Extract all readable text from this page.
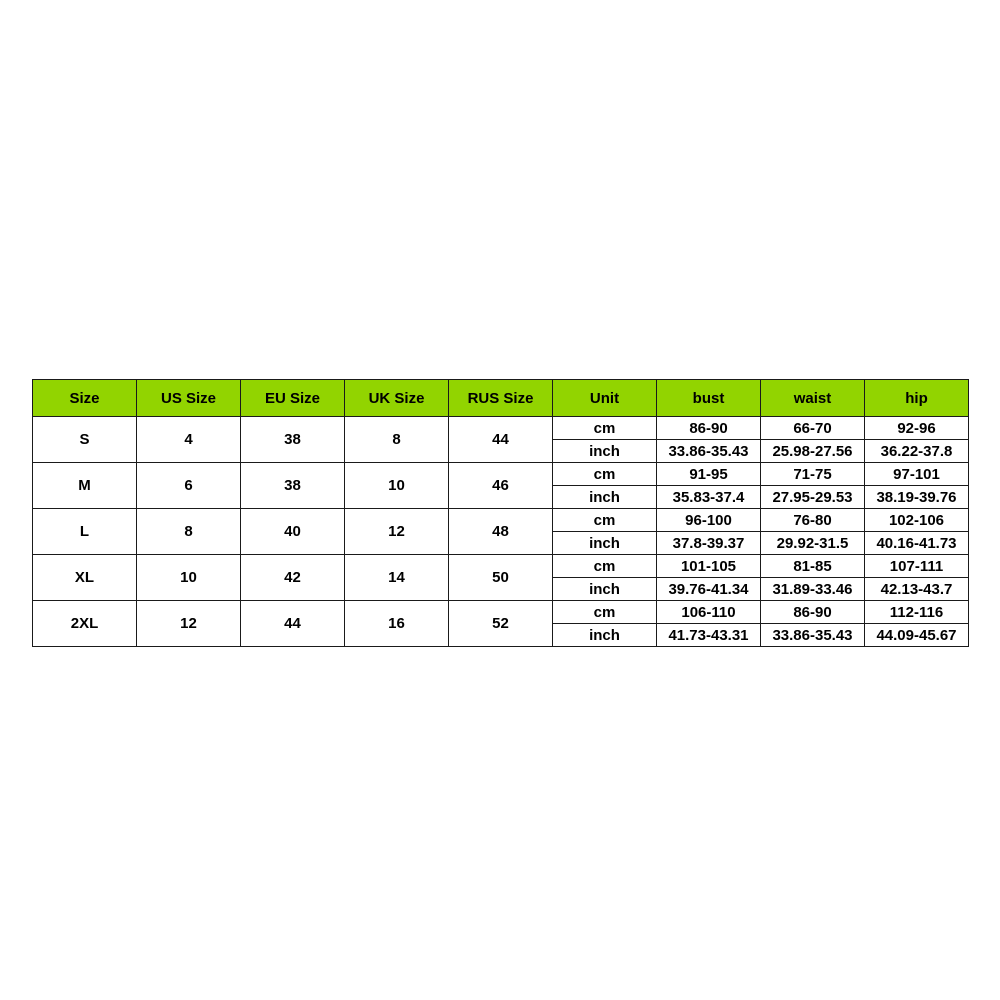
Size	US Size	EU Size	UK Size	RUS Size	Unit	bust	waist	hip
S	4	38	8	44	cm	86-90	66-70	92-96
					inch	33.86-35.43	25.98-27.56	36.22-37.8
M	6	38	10	46	cm	91-95	71-75	97-101
					inch	35.83-37.4	27.95-29.53	38.19-39.76
L	8	40	12	48	cm	96-100	76-80	102-106
					inch	37.8-39.37	29.92-31.5	40.16-41.73
XL	10	42	14	50	cm	101-105	81-85	107-111
					inch	39.76-41.34	31.89-33.46	42.13-43.7
2XL	12	44	16	52	cm	106-110	86-90	112-116
					inch	41.73-43.31	33.86-35.43	44.09-45.67
